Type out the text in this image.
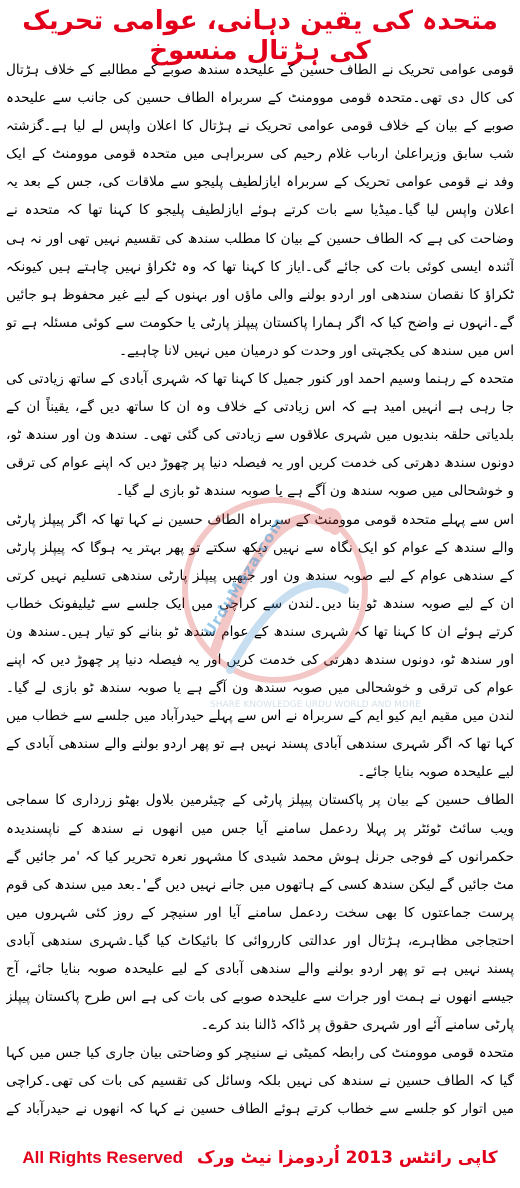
متحدہ کی یقین دہانی، عوامی تحریک کی ہڑتال منسوخ

قومی عوامی تحریک نے الطاف حسین کے علیحدہ سندھ صوبے کے مطالبے کے خلاف ہڑتال کی کال دی تھی۔متحدہ قومی موومنٹ کے سربراہ الطاف حسین کی جانب سے علیحدہ صوبے کے بیان کے خلاف قومی عوامی تحریک نے ہڑتال کا اعلان واپس لے لیا ہے۔گزشتہ شب سابق وزیراعلیٰ ارباب غلام رحیم کی سربراہی میں متحدہ قومی موومنٹ کے ایک وفد نے قومی عوامی تحریک کے سربراہ ایازلطیف پلیجو سے ملاقات کی، جس کے بعد یہ اعلان واپس لیا گیا۔میڈیا سے بات کرتے ہوئے ایازلطیف پلیجو کا کہنا تھا کہ متحدہ نے وضاحت کی ہے کہ الطاف حسین کے بیان کا مطلب سندھ کی تقسیم نہیں تھی اور نہ ہی آئندہ ایسی کوئی بات کی جائے گی۔ایاز کا کہنا تھا کہ وہ ٹکراؤ نہیں چاہتے ہیں کیونکہ ٹکراؤ کا نقصان سندھی اور اردو بولنے والی ماؤں اور بہنوں کے لیے غیر محفوظ ہو جائیں گے۔انہوں نے واضح کیا کہ اگر ہمارا پاکستان پیپلز پارٹی یا حکومت سے کوئی مسئلہ ہے تو اس میں سندھ کی یکجہتی اور وحدت کو درمیان میں نہیں لانا چاہیے۔

متحدہ کے رہنما وسیم احمد اور کنور جمیل کا کہنا تھا کہ شہری آبادی کے ساتھ زیادتی کی جا رہی ہے انہیں امید ہے کہ اس زیادتی کے خلاف وہ ان کا ساتھ دیں گے، یقیناً ان کے بلدیاتی حلقہ بندیوں میں شہری علاقوں سے زیادتی کی گئی تھی۔ سندھ ون اور سندھ ٹو، دونوں سندھ دھرتی کی خدمت کریں اور یہ فیصلہ دنیا پر چھوڑ دیں کہ اپنے عوام کی ترقی و خوشحالی میں صوبہ سندھ ون آگے ہے یا صوبہ سندھ ٹو بازی لے گیا۔

اس سے پہلے متحدہ قومی موومنٹ کے سربراہ الطاف حسین نے کہا تھا کہ اگر پیپلز پارٹی والے سندھ کے عوام کو ایک نگاہ سے نہیں دیکھ سکتے تو پھر بہتر یہ ہوگا کہ پیپلز پارٹی کے سندھی عوام کے لیے صوبہ سندھ ون اور جنھیں پیپلز پارٹی سندھی تسلیم نہیں کرتی ان کے لیے صوبہ سندھ ٹو بنا دیں۔لندن سے کراچی میں ایک جلسے سے ٹیلیفونک خطاب کرتے ہوئے ان کا کہنا تھا کہ شہری سندھ کے عوام سندھ ٹو بنانے کو تیار ہیں۔سندھ ون اور سندھ ٹو، دونوں سندھ دھرتی کی خدمت کریں اور یہ فیصلہ دنیا پر چھوڑ دیں کہ اپنے عوام کی ترقی و خوشحالی میں صوبہ سندھ ون آگے ہے یا صوبہ سندھ ٹو بازی لے گیا۔لندن میں مقیم ایم کیو ایم کے سربراہ نے اس سے پہلے حیدرآباد میں جلسے سے خطاب میں کہا تھا کہ اگر شہری سندھی آبادی پسند نہیں ہے تو پھر اردو بولنے والے سندھی آبادی کے لیے علیحدہ صوبہ بنایا جائے۔

الطاف حسین کے بیان پر پاکستان پیپلز پارٹی کے چیئرمین بلاول بھٹو زرداری کا سماجی ویب سائٹ ٹوئٹر پر پہلا ردعمل سامنے آیا جس میں انھوں نے سندھ کے ناپسندیدہ حکمرانوں کے فوجی جرنل ہوش محمد شیدی کا مشہور نعرہ تحریر کیا کہ 'مر جائیں گے مٹ جائیں گے لیکن سندھ کسی کے ہاتھوں میں جانے نہیں دیں گے'۔بعد میں سندھ کی قوم پرست جماعتوں کا بھی سخت ردعمل سامنے آیا اور سنیچر کے روز کئی شہروں میں احتجاجی مظاہرے، ہڑتال اور عدالتی کارروائی کا بائیکاٹ کیا گیا۔شہری سندھی آبادی پسند نہیں ہے تو پھر اردو بولنے والے سندھی آبادی کے لیے علیحدہ صوبہ بنایا جائے، آج جیسے انھوں نے ہمت اور جرات سے علیحدہ صوبے کی بات کی ہے اس طرح پاکستان پیپلز پارٹی سامنے آئے اور شہری حقوق پر ڈاکہ ڈالنا بند کرے۔

متحدہ قومی موومنٹ کی رابطہ کمیٹی نے سنیچر کو وضاحتی بیان جاری کیا جس میں کہا گیا کہ الطاف حسین نے سندھ کی نہیں بلکہ وسائل کی تقسیم کی بات کی تھی۔کراچی میں اتوار کو جلسے سے خطاب کرتے ہوئے الطاف حسین نے کہا کہ انھوں نے حیدرآباد کے

UrduMaza.com
SHARE KNOWLEDGE URDU WORLD AND MORE
All Rights Reserved کاپی رائٹس 2013 اُردومزا نیٹ ورک
